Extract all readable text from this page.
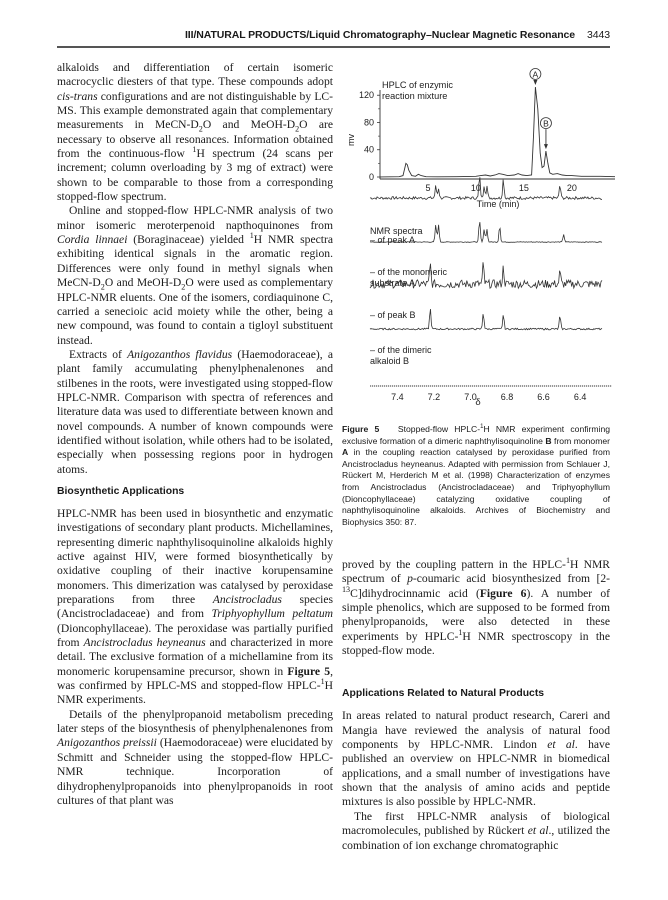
III/NATURAL PRODUCTS/Liquid Chromatography–Nuclear Magnetic Resonance 3443

alkaloids and differentiation of certain isomeric macrocyclic diesters of that type. These compounds adopt cis-trans configurations and are not distinguishable by LC-MS. This example demonstrated again that complementary measurements in MeCN-$D_2O$ and MeOH-$D_2O$ are necessary to observe all resonances. Information obtained from the continuous-flow $^1$H spectrum (24 scans per increment; column overloading by 3 mg of extract) were shown to be comparable to those from a corresponding stopped-flow spectrum.

Online and stopped-flow HPLC-NMR analysis of two minor isomeric meroterpenoid napthoquinones from Cordia linnaei (Boraginaceae) yielded $^1$H NMR spectra exhibiting identical signals in the aromatic region. Differences were only found in methyl signals when MeCN-$D_2O$ and MeOH-$D_2O$ were used as complementary HPLC-NMR eluents. One of the isomers, cordiaquinone C, carried a senecioic acid moiety while the other, being a new compound, was found to contain a tigloyl substituent instead.

Extracts of Anigozanthos flavidus (Haemodoraceae), a plant family accumulating phenylphenalenones and stilbenes in the roots, were investigated using stopped-flow HPLC-NMR. Comparison with spectra of references and literature data was used to differentiate between known and novel compounds. A number of known compounds were identified without isolation, while others had to be isolated, especially when possessing regions poor in hydrogen atoms.

Biosynthetic Applications

HPLC-NMR has been used in biosynthetic and enzymatic investigations of secondary plant products. Michellamines, representing dimeric naphthylisoquinoline alkaloids highly active against HIV, were formed biosynthetically by oxidative coupling of their inactive korupensamine monomers. This dimerization was catalysed by peroxidase preparations from three Ancistrocladus species (Ancistrocladaceae) and from Triphyophyllum peltatum (Dioncophyllaceae). The peroxidase was partially purified from Ancistrocladus heyneanus and characterized in more detail. The exclusive formation of a michellamine from its monomeric korupensamine precursor, shown in Figure 5, was confirmed by HPLC-MS and stopped-flow HPLC-$^1$H NMR experiments.

Details of the phenylpropanoid metabolism preceding later steps of the biosynthesis of phenylphenalenones from Anigozanthos preissii (Haemodoraceae) were elucidated by Schmitt and Schneider using the stopped-flow HPLC-NMR technique. Incorporation of dihydrophenylpropanoids into phenylpropanoids in root cultures of that plant was

HPLC of enzymic
reaction mixture
mv
Time (min)
0
40
80
120
5	10	15	20
A
B
NMR spectra
– of peak A
– of the monomeric
substrate A
– of peak B
– of the dimeric
alkaloid B
7.4	7.2	7.0	6.8	6.6	6.4
δ
Figure 5 Stopped-flow HPLC-$^1$H NMR experiment confirming exclusive formation of a dimeric naphthylisoquinoline B from monomer A in the coupling reaction catalysed by peroxidase purified from Ancistrocladus heyneanus. Adapted with permission from Schlauer J, Rückert M, Herderich M et al. (1998) Characterization of enzymes from Ancistrocladus (Ancistrocladaceae) and Triphyophyllum (Dioncophyllaceae) catalyzing oxidative coupling of naphthylisoquinoline alkaloids. Archives of Biochemistry and Biophysics 350: 87.

proved by the coupling pattern in the HPLC-$^1$H NMR spectrum of p-coumaric acid biosynthesized from [2-$^{13}$C]dihydrocinnamic acid (Figure 6). A number of simple phenolics, which are supposed to be formed from phenylpropanoids, were also detected in these experiments by HPLC-$^1$H NMR spectroscopy in the stopped-flow mode.

Applications Related to Natural Products

In areas related to natural product research, Careri and Mangia have reviewed the analysis of natural food components by HPLC-NMR. Lindon et al. have published an overview on HPLC-NMR in biomedical applications, and a small number of investigations have shown that the analysis of amino acids and peptide mixtures is also possible by HPLC-NMR.

The first HPLC-NMR analysis of biological macromolecules, published by Rückert et al., utilized the combination of ion exchange chromatographic
